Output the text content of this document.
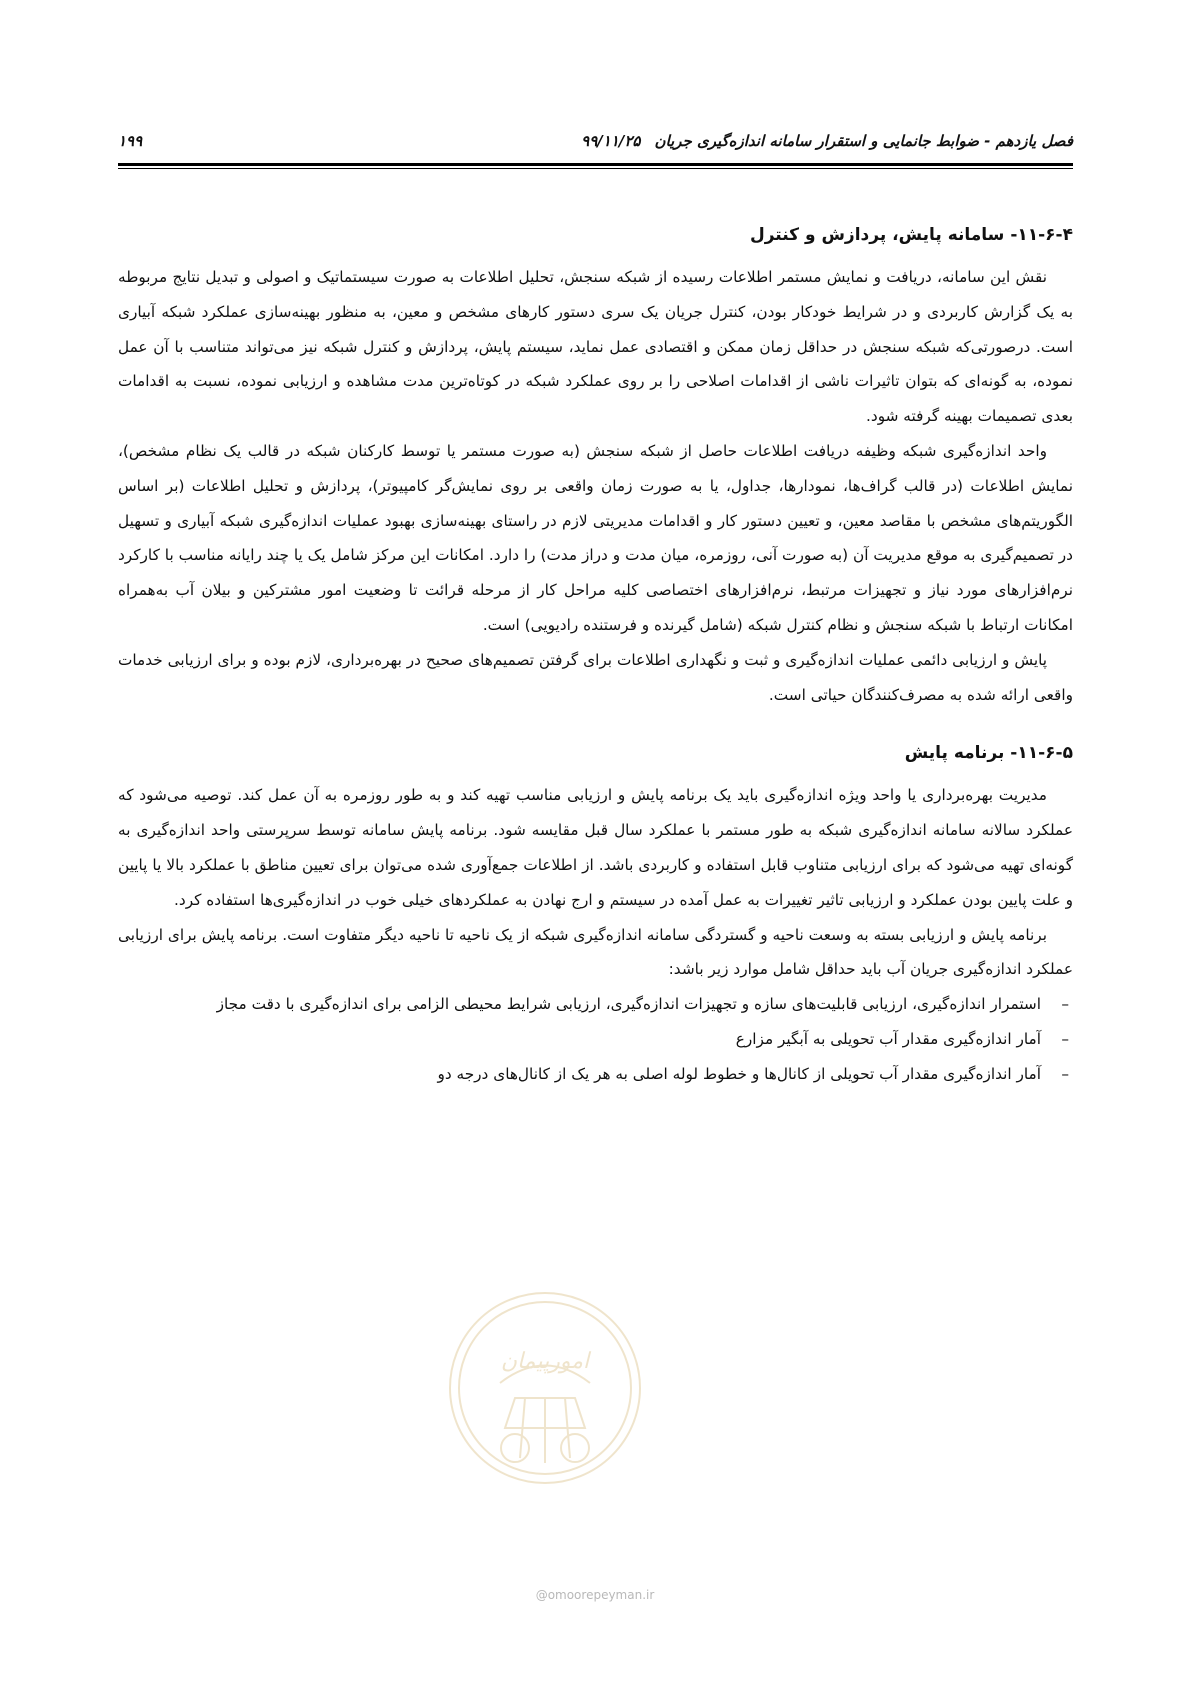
فصل یازدهم - ضوابط جانمایی و استقرار سامانه اندازه‌گیری جریان۹۹/۱۱/۲۵
۱۹۹
۱۱-۶-۴- سامانه پایش، پردازش و کنترل

نقش این سامانه، دریافت و نمایش مستمر اطلاعات رسیده از شبکه سنجش، تحلیل اطلاعات به صورت سیستماتیک و اصولی و تبدیل نتایج مربوطه به یک گزارش کاربردی و در شرایط خودکار بودن، کنترل جریان یک سری دستور کارهای مشخص و معین، به منظور بهینه‌سازی عملکرد شبکه آبیاری است. درصورتی‌که شبکه سنجش در حداقل زمان ممکن و اقتصادی عمل نماید، سیستم پایش، پردازش و کنترل شبکه نیز می‌تواند متناسب با آن عمل نموده، به گونه‌ای که بتوان تاثیرات ناشی از اقدامات اصلاحی را بر روی عملکرد شبکه در کوتاه‌ترین مدت مشاهده و ارزیابی نموده، نسبت به اقدامات بعدی تصمیمات بهینه گرفته شود.

واحد اندازه‌گیری شبکه وظیفه دریافت اطلاعات حاصل از شبکه سنجش (به صورت مستمر یا توسط کارکنان شبکه در قالب یک نظام مشخص)، نمایش اطلاعات (در قالب گراف‌ها، نمودارها، جداول، یا به صورت زمان واقعی بر روی نمایش‌گر کامپیوتر)، پردازش و تحلیل اطلاعات (بر اساس الگوریتم‌های مشخص با مقاصد معین، و تعیین دستور کار و اقدامات مدیریتی لازم در راستای بهینه‌سازی بهبود عملیات اندازه‌گیری شبکه آبیاری و تسهیل در تصمیم‌گیری به موقع مدیریت آن (به صورت آنی، روزمره، میان مدت و دراز مدت) را دارد. امکانات این مرکز شامل یک یا چند رایانه مناسب با کارکرد نرم‌افزارهای مورد نیاز و تجهیزات مرتبط، نرم‌افزارهای اختصاصی کلیه مراحل کار از مرحله قرائت تا وضعیت امور مشترکین و بیلان آب به‌همراه امکانات ارتباط با شبکه سنجش و نظام کنترل شبکه (شامل گیرنده و فرستنده رادیویی) است.

پایش و ارزیابی دائمی عملیات اندازه‌گیری و ثبت و نگهداری اطلاعات برای گرفتن تصمیم‌های صحیح در بهره‌برداری، لازم بوده و برای ارزیابی خدمات واقعی ارائه شده به مصرف‌کنندگان حیاتی است.

۱۱-۶-۵- برنامه پایش

مدیریت بهره‌برداری یا واحد ویژه اندازه‌گیری باید یک برنامه پایش و ارزیابی مناسب تهیه کند و به طور روزمره به آن عمل کند. توصیه می‌شود که عملکرد سالانه سامانه اندازه‌گیری شبکه به طور مستمر با عملکرد سال قبل مقایسه شود. برنامه پایش سامانه توسط سرپرستی واحد اندازه‌گیری به گونه‌ای تهیه می‌شود که برای ارزیابی متناوب قابل استفاده و کاربردی باشد. از اطلاعات جمع‌آوری شده می‌توان برای تعیین مناطق با عملکرد بالا یا پایین و علت پایین بودن عملکرد و ارزیابی تاثیر تغییرات به عمل آمده در سیستم و ارج نهادن به عملکردهای خیلی خوب در اندازه‌گیری‌ها استفاده کرد.

برنامه پایش و ارزیابی بسته به وسعت ناحیه و گستردگی سامانه اندازه‌گیری شبکه از یک ناحیه تا ناحیه دیگر متفاوت است. برنامه پایش برای ارزیابی عملکرد اندازه‌گیری جریان آب باید حداقل شامل موارد زیر باشد:

–
استمرار اندازه‌گیری، ارزیابی قابلیت‌های سازه و تجهیزات اندازه‌گیری، ارزیابی شرایط محیطی الزامی برای اندازه‌گیری با دقت مجاز
–
آمار اندازه‌گیری مقدار آب تحویلی به آبگیر مزارع
–
آمار اندازه‌گیری مقدار آب تحویلی از کانال‌ها و خطوط لوله اصلی به هر یک از کانال‌های درجه دو
امورپیمان
@omoorepeyman.ir
